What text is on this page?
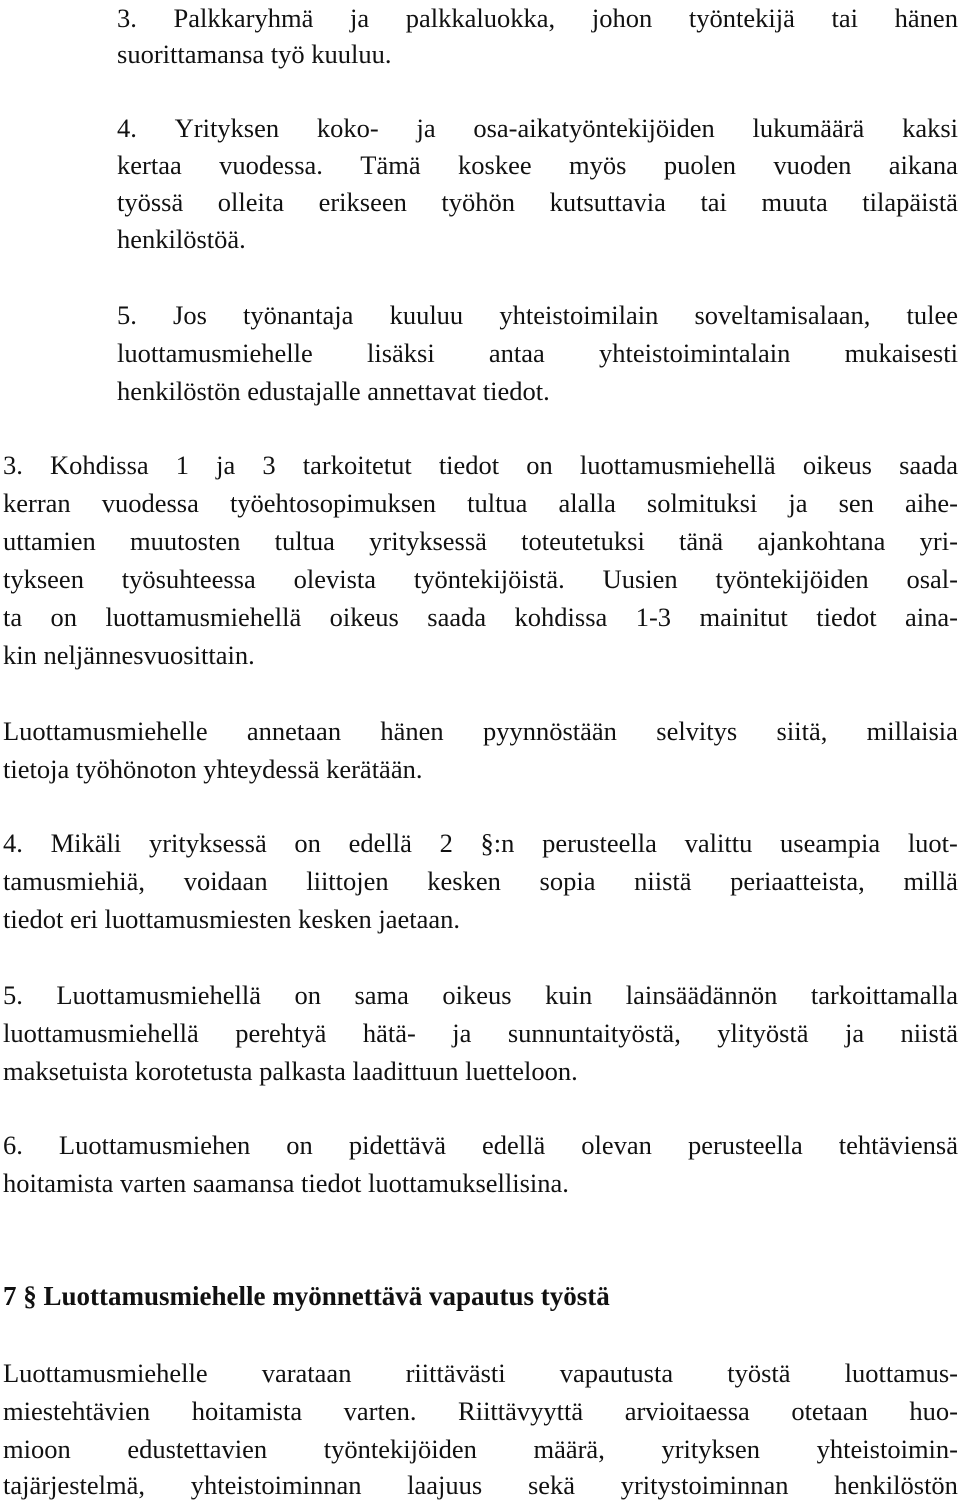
3. Palkkaryhmä ja palkkaluokka, johon työntekijä tai hänen

suorittamansa työ kuuluu.

4. Yrityksen koko- ja osa-aikatyöntekijöiden lukumäärä kaksi

kertaa vuodessa. Tämä koskee myös puolen vuoden aikana

työssä olleita erikseen työhön kutsuttavia tai muuta tilapäistä

henkilöstöä.

5. Jos työnantaja kuuluu yhteistoimilain soveltamisalaan, tulee

luottamusmiehelle lisäksi antaa yhteistoimintalain mukaisesti

henkilöstön edustajalle annettavat tiedot.

3. Kohdissa 1 ja 3 tarkoitetut tiedot on luottamusmiehellä oikeus saada

kerran vuodessa työehtosopimuksen tultua alalla solmituksi ja sen aihe-

uttamien muutosten tultua yrityksessä toteutetuksi tänä ajankohtana yri-

tykseen työsuhteessa olevista työntekijöistä. Uusien työntekijöiden osal-

ta on luottamusmiehellä oikeus saada kohdissa 1-3 mainitut tiedot aina-

kin neljännesvuosittain.

Luottamusmiehelle annetaan hänen pyynnöstään selvitys siitä, millaisia

tietoja työhönoton yhteydessä kerätään.

4. Mikäli yrityksessä on edellä 2 §:n perusteella valittu useampia luot-

tamusmiehiä, voidaan liittojen kesken sopia niistä periaatteista, millä

tiedot eri luottamusmiesten kesken jaetaan.

5. Luottamusmiehellä on sama oikeus kuin lainsäädännön tarkoittamalla

luottamusmiehellä perehtyä hätä- ja sunnuntaityöstä, ylityöstä ja niistä

maksetuista korotetusta palkasta laadittuun luetteloon.

6. Luottamusmiehen on pidettävä edellä olevan perusteella tehtäviensä

hoitamista varten saamansa tiedot luottamuksellisina.

7 § Luottamusmiehelle myönnettävä vapautus työstä

Luottamusmiehelle varataan riittävästi vapautusta työstä luottamus-

miestehtävien hoitamista varten. Riittävyyttä arvioitaessa otetaan huo-

mioon edustettavien työntekijöiden määrä, yrityksen yhteistoimin-

tajärjestelmä, yhteistoiminnan laajuus sekä yritystoiminnan henkilöstön
